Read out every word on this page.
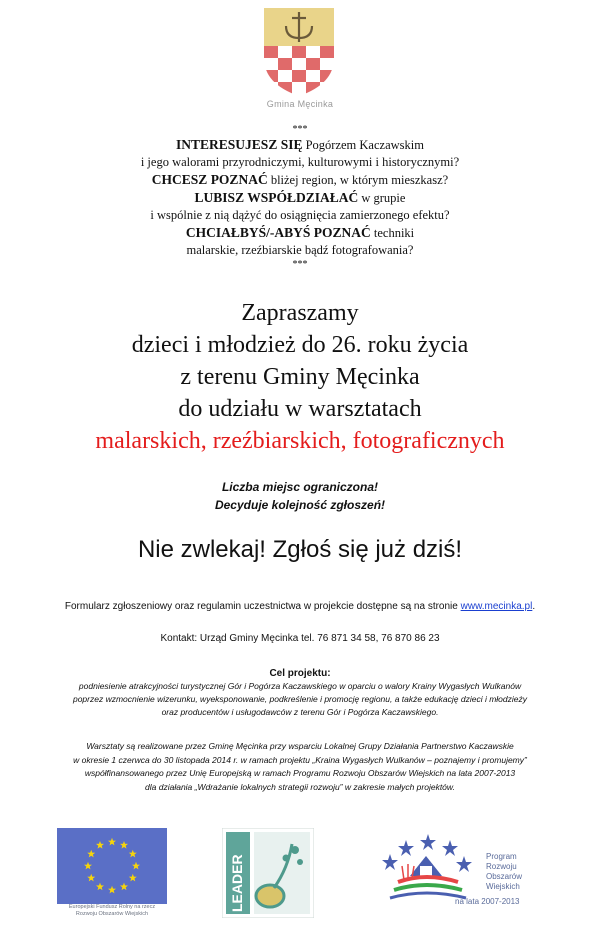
Gmina Męcinka
***
INTERESUJESZ SIĘ Pogórzem Kaczawskim
i jego walorami przyrodniczymi, kulturowymi i historycznymi?
CHCESZ POZNAĆ bliżej region, w którym mieszkasz?
LUBISZ WSPÓŁDZIAŁAĆ w grupie
i wspólnie z nią dążyć do osiągnięcia zamierzonego efektu?
CHCIAŁBYŚ/-ABYŚ POZNAĆ techniki
malarskie, rzeźbiarskie bądź fotografowania?
***
Zapraszamy
dzieci i młodzież do 26. roku życia
z terenu Gminy Męcinka
do udziału w warsztatach
malarskich, rzeźbiarskich, fotograficznych
Liczba miejsc ograniczona!
Decyduje kolejność zgłoszeń!
Nie zwlekaj! Zgłoś się już dziś!
Formularz zgłoszeniowy oraz regulamin uczestnictwa w projekcie dostępne są na stronie www.mecinka.pl.
Kontakt: Urząd Gminy Męcinka tel. 76 871 34 58, 76 870 86 23
Cel projektu:
podniesienie atrakcyjności turystycznej Gór i Pogórza Kaczawskiego w oparciu o walory Krainy Wygasłych Wulkanów
poprzez wzmocnienie wizerunku, wyeksponowanie, podkreślenie i promocję regionu, a także edukację dzieci i młodzieży
oraz producentów i usługodawców z terenu Gór i Pogórza Kaczawskiego.
Warsztaty są realizowane przez Gminę Męcinka przy wsparciu Lokalnej Grupy Działania Partnerstwo Kaczawskie
w okresie 1 czerwca do 30 listopada 2014 r. w ramach projektu „Kraina Wygasłych Wulkanów – poznajemy i promujemy”
współfinansowanego przez Unię Europejską w ramach Programu Rozwoju Obszarów Wiejskich na lata 2007-2013
dla działania „Wdrażanie lokalnych strategii rozwoju” w zakresie małych projektów.
Europejski Fundusz Rolny na rzecz
Rozwoju Obszarów Wiejskich
LEADER	Program
Rozwoju
Obszarów
Wiejskich
na lata 2007-2013
